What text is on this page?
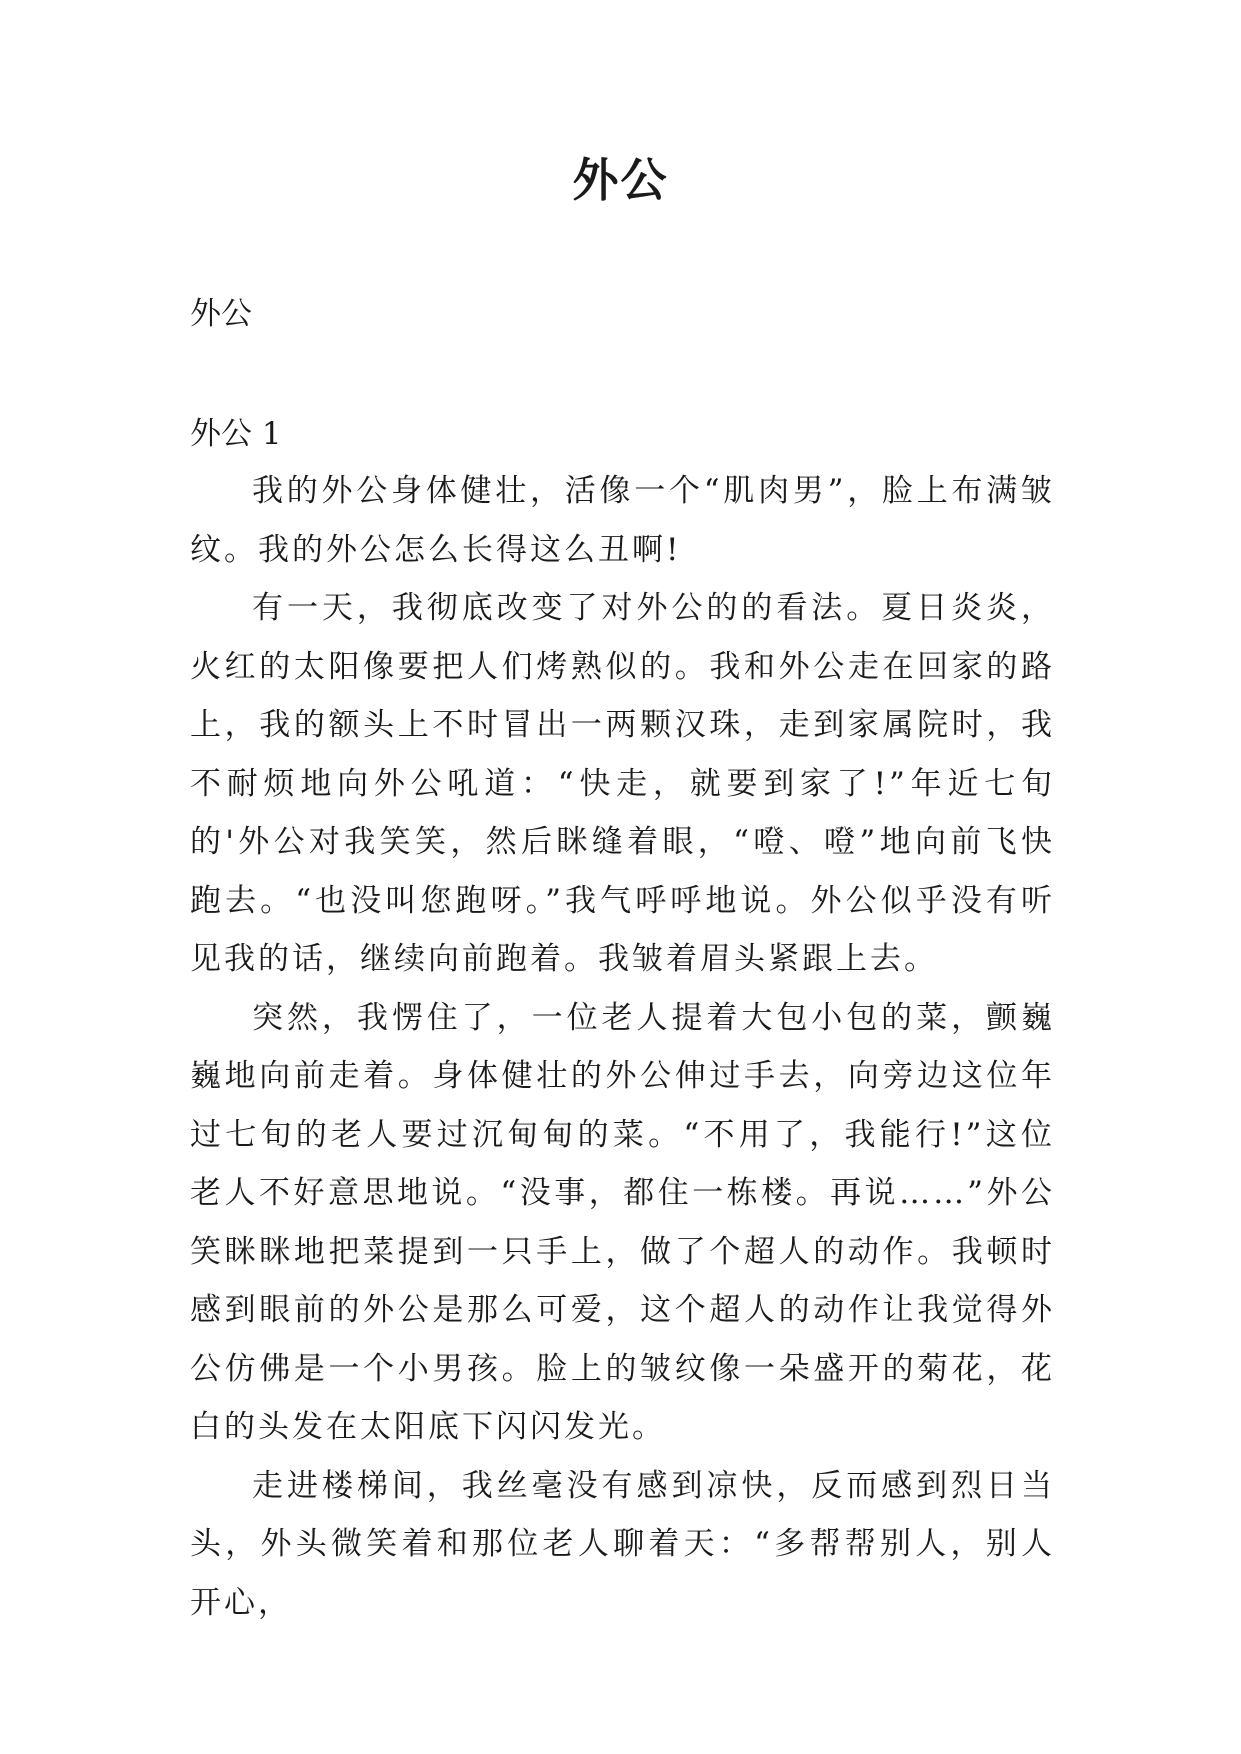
外公
外公
外公 1

我的外公身体健壮，活像一个“肌肉男”，脸上布满皱纹。我的外公怎么长得这么丑啊!

有一天，我彻底改变了对外公的的看法。夏日炎炎，火红的太阳像要把人们烤熟似的。我和外公走在回家的路上，我的额头上不时冒出一两颗汉珠，走到家属院时，我不耐烦地向外公吼道：“快走，就要到家了!”年近七旬的'外公对我笑笑，然后眯缝着眼，“噔、噔”地向前飞快跑去。“也没叫您跑呀。”我气呼呼地说。外公似乎没有听见我的话，继续向前跑着。我皱着眉头紧跟上去。

突然，我愣住了，一位老人提着大包小包的菜，颤巍巍地向前走着。身体健壮的外公伸过手去，向旁边这位年过七旬的老人要过沉甸甸的菜。“不用了，我能行!”这位老人不好意思地说。“没事，都住一栋楼。再说……”外公笑眯眯地把菜提到一只手上，做了个超人的动作。我顿时感到眼前的外公是那么可爱，这个超人的动作让我觉得外公仿佛是一个小男孩。脸上的皱纹像一朵盛开的菊花，花白的头发在太阳底下闪闪发光。

走进楼梯间，我丝毫没有感到凉快，反而感到烈日当头，外头微笑着和那位老人聊着天：“多帮帮别人，别人开心，
